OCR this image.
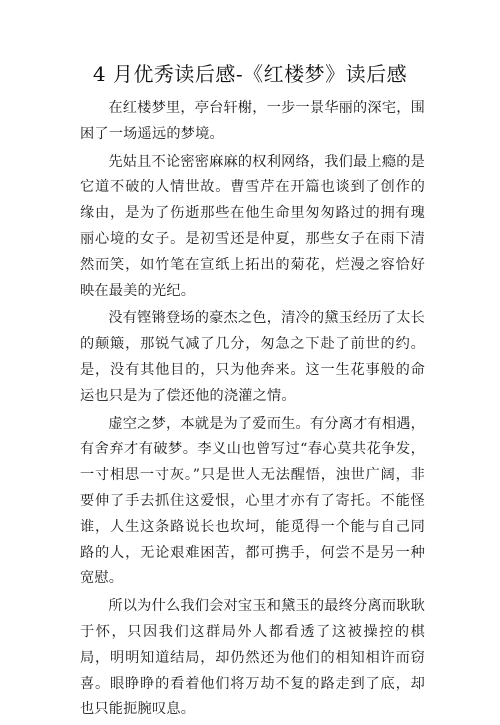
4 月优秀读后感-《红楼梦》读后感

在红楼梦里，亭台轩榭，一步一景华丽的深宅，围困了一场遥远的梦境。

先姑且不论密密麻麻的权利网络，我们最上瘾的是它道不破的人情世故。曹雪芹在开篇也谈到了创作的缘由，是为了伤逝那些在他生命里匆匆路过的拥有瑰丽心境的女子。是初雪还是仲夏，那些女子在雨下清然而笑，如竹笔在宣纸上拓出的菊花，烂漫之容恰好映在最美的光纪。

没有铿锵登场的豪杰之色，清冷的黛玉经历了太长的颠簸，那锐气减了几分，匆急之下赴了前世的约。是，没有其他目的，只为他奔来。这一生花事般的命运也只是为了偿还他的浇灌之情。

虚空之梦，本就是为了爱而生。有分离才有相遇，有舍弃才有破梦。李义山也曾写过“春心莫共花争发，一寸相思一寸灰。”只是世人无法醒悟，浊世广阔，非要伸了手去抓住这爱恨，心里才亦有了寄托。不能怪谁，人生这条路说长也坎坷，能觅得一个能与自己同路的人，无论艰难困苦，都可携手，何尝不是另一种宽慰。

所以为什么我们会对宝玉和黛玉的最终分离而耿耿于怀，只因我们这群局外人都看透了这被操控的棋局，明明知道结局，却仍然还为他们的相知相许而窃喜。眼睁睁的看着他们将万劫不复的路走到了底，却也只能扼腕叹息。
